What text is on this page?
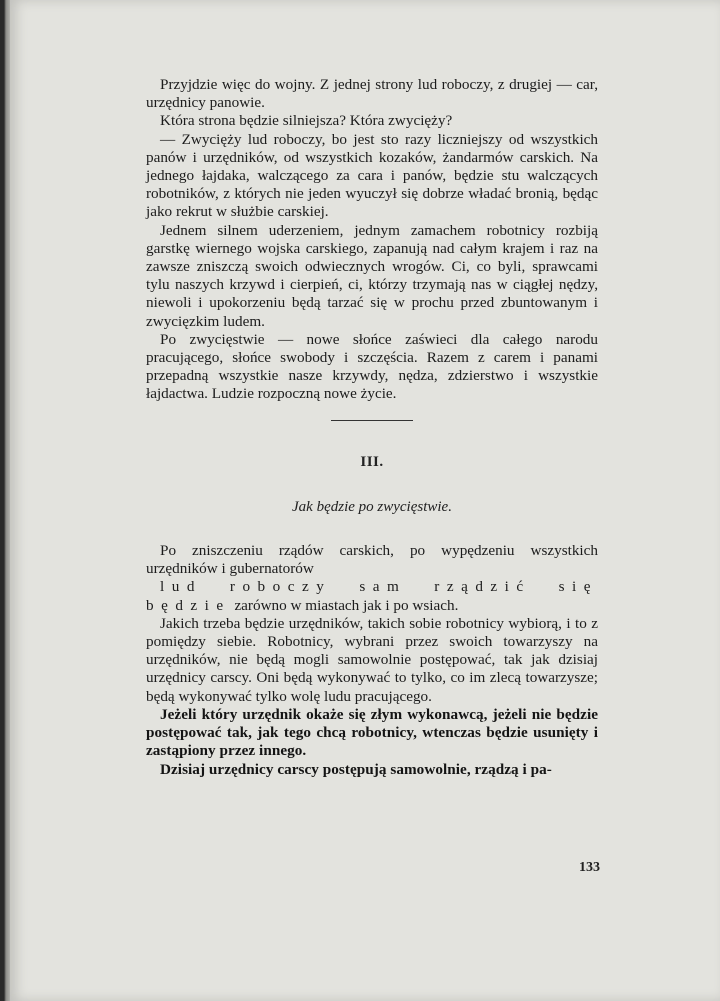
Przyjdzie więc do wojny. Z jednej strony lud roboczy, z drugiej — car, urzędnicy panowie.

Która strona będzie silniejsza? Która zwycięży?

— Zwycięży lud roboczy, bo jest sto razy liczniejszy od wszystkich panów i urzędników, od wszystkich kozaków, żandarmów carskich. Na jednego łajdaka, walczącego za cara i panów, będzie stu walczących robotników, z których nie jeden wyuczył się dobrze władać bronią, będąc jako rekrut w służbie carskiej.

Jednem silnem uderzeniem, jednym zamachem robotnicy rozbiją garstkę wiernego wojska carskiego, zapanują nad całym krajem i raz na zawsze zniszczą swoich odwiecznych wrogów. Ci, co byli, sprawcami tylu naszych krzywd i cierpień, ci, którzy trzymają nas w ciągłej nędzy, niewoli i upokorzeniu będą tarzać się w prochu przed zbuntowanym i zwycięzkim ludem.

Po zwycięstwie — nowe słońce zaświeci dla całego narodu pracującego, słońce swobody i szczęścia. Razem z carem i panami przepadną wszystkie nasze krzywdy, nędza, zdzierstwo i wszystkie łajdactwa. Ludzie rozpoczną nowe życie.

III.

Jak będzie po zwycięstwie.

Po zniszczeniu rządów carskich, po wypędzeniu wszystkich urzędników i gubernatorów

lud roboczy sam rządzić się będzie zarówno w miastach jak i po wsiach.

Jakich trzeba będzie urzędników, takich sobie robotnicy wybiorą, i to z pomiędzy siebie. Robotnicy, wybrani przez swoich towarzyszy na urzędników, nie będą mogli samowolnie postępować, tak jak dzisiaj urzędnicy carscy. Oni będą wykonywać to tylko, co im zlecą towarzysze; będą wykonywać tylko wolę ludu pracującego.

Jeżeli który urzędnik okaże się złym wykonawcą, jeżeli nie będzie postępować tak, jak tego chcą robotnicy, wtenczas będzie usunięty i zastąpiony przez innego.

Dzisiaj urzędnicy carscy postępują samowolnie, rządzą i pa-

133
